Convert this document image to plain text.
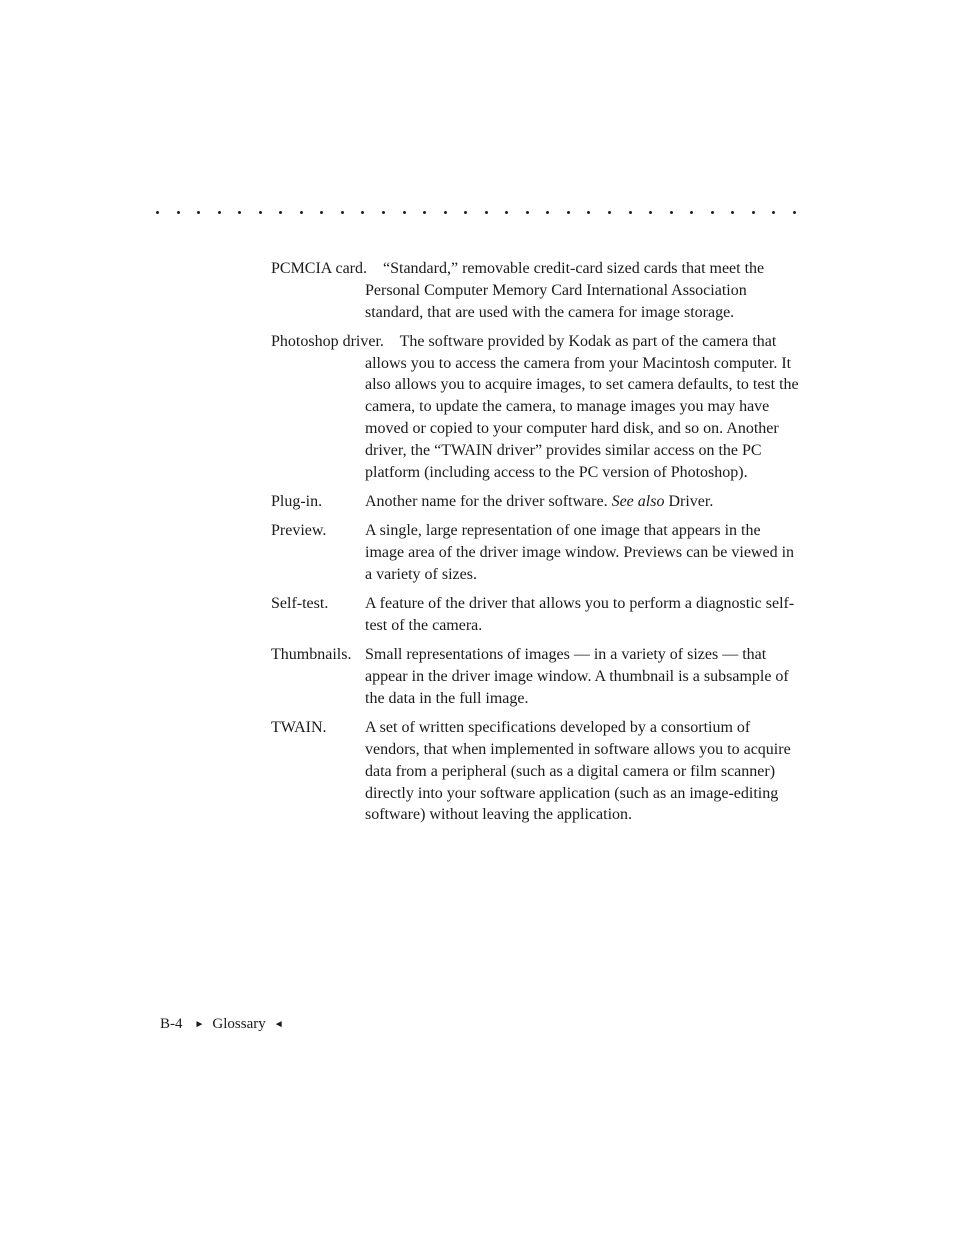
PCMCIA card. “Standard,” removable credit-card sized cards that meet the Personal Computer Memory Card International Association standard, that are used with the camera for image storage.
Photoshop driver. The software provided by Kodak as part of the camera that allows you to access the camera from your Macintosh computer. It also allows you to acquire images, to set camera defaults, to test the camera, to update the camera, to manage images you may have moved or copied to your computer hard disk, and so on. Another driver, the “TWAIN driver” provides similar access on the PC platform (including access to the PC version of Photoshop).
Plug-in.	Another name for the driver software. See also Driver.
Preview. A single, large representation of one image that appears in the image area of the driver image window. Previews can be viewed in a variety of sizes.
Self-test. A feature of the driver that allows you to perform a diagnostic self-test of the camera.
Thumbnails. Small representations of images — in a variety of sizes — that appear in the driver image window. A thumbnail is a subsample of the data in the full image.
TWAIN. A set of written specifications developed by a consortium of vendors, that when implemented in software allows you to acquire data from a peripheral (such as a digital camera or film scanner) directly into your software application (such as an image-editing software) without leaving the application.
B-4 ► Glossary ◄
